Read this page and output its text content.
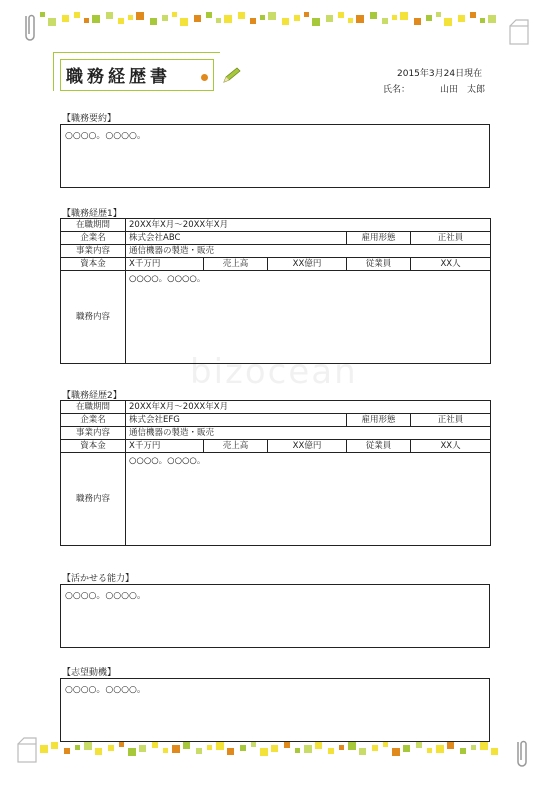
職務経歴書	2015年3月24日現在
氏名：	山田　太郎
【職務要約】
○○○○。○○○○。
【職務経歴1】
在職期間	20XX年X月～20XX年X月				
企業名	株式会社ABC			雇用形態	正社員
事業内容	通信機器の製造・販売				
資本金	X千万円	売上高	XX億円	従業員	XX人
職務内容	○○○○。○○○○。				
【職務経歴2】
在職期間	20XX年X月～20XX年X月				
企業名	株式会社EFG			雇用形態	正社員
事業内容	通信機器の製造・販売				
資本金	X千万円	売上高	XX億円	従業員	XX人
職務内容	○○○○。○○○○。				
【活かせる能力】
○○○○。○○○○。
【志望動機】
○○○○。○○○○。
bizocean
